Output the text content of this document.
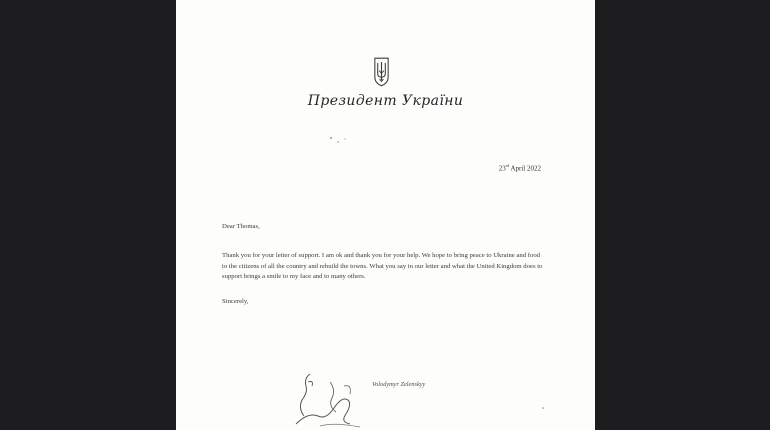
Президент України
23rd April 2022
Dear Thomas,
Thank you for your letter of support. I am ok and thank you for your help. We hope to bring peace to Ukraine and food to the citizens of all the country and rebuild the towns. What you say in our letter and what the United Kingdom does to support brings a smile to my face and to many others.
Sincerely,
Volodymyr Zelenskyy
